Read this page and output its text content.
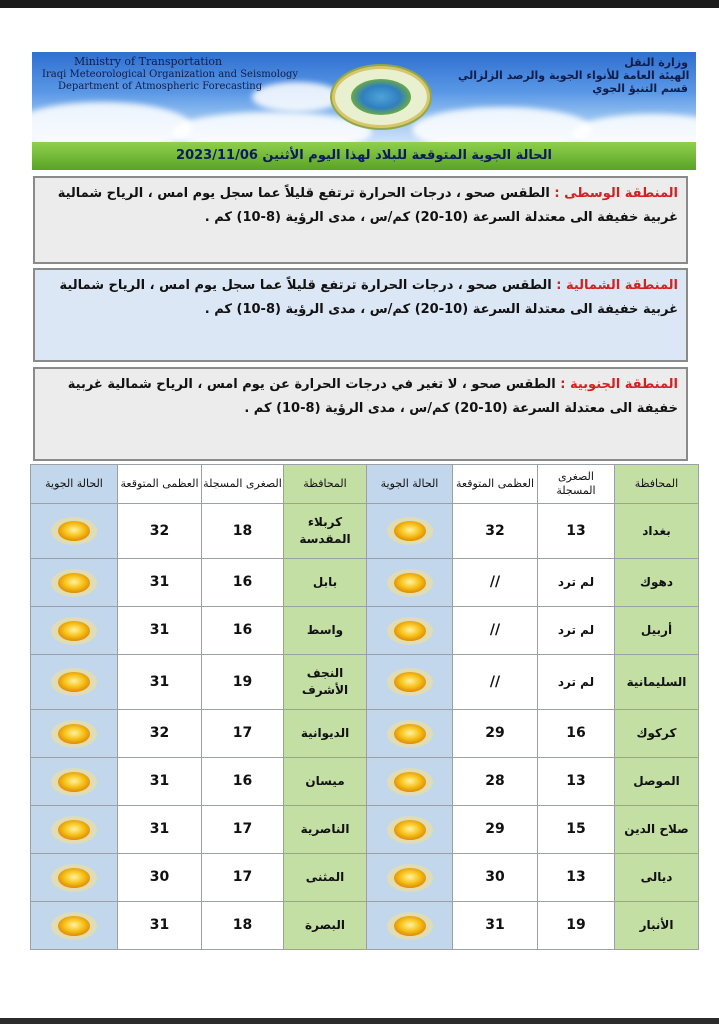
Ministry of Transportation
Iraqi Meteorological Organization and Seismology
Department of Atmospheric Forecasting
وزارة النقل
الهيئة العامة للأنواء الجوية والرصد الزلزالي
قسم التنبؤ الجوي
الحالة الجوية المتوقعة للبلاد لهذا اليوم الأثنين 2023/11/06
المنطقة الوسطى : الطقس صحو ، درجات الحرارة ترتفع قليلاً عما سجل يوم امس ، الرياح شمالية غربية خفيفة الى معتدلة السرعة (10-20) كم/س ، مدى الرؤية (8-10) كم .
المنطقة الشمالية : الطقس صحو ، درجات الحرارة ترتفع قليلاً عما سجل يوم امس ، الرياح شمالية غربية خفيفة الى معتدلة السرعة (10-20) كم/س ، مدى الرؤية (8-10) كم .
المنطقة الجنوبية : الطقس صحو ، لا تغير في درجات الحرارة عن يوم امس ، الرياح شمالية غربية خفيفة الى معتدلة السرعة (10-20) كم/س ، مدى الرؤية (8-10) كم .
المحافظة	الصغرى المسجلة	العظمى المتوقعة	الحالة الجوية	المحافظة	الصغرى المسجلة	العظمى المتوقعة	الحالة الجوية
بغداد	13	32		كربلاء المقدسة	18	32	
دهوك	لم ترد	//		بابل	16	31	
أربيل	لم ترد	//		واسط	16	31	
السليمانية	لم ترد	//		النجف الأشرف	19	31	
كركوك	16	29		الديوانية	17	32	
الموصل	13	28		ميسان	16	31	
صلاح الدين	15	29		الناصرية	17	31	
ديالى	13	30		المثنى	17	30	
الأنبار	19	31		البصرة	18	31	
